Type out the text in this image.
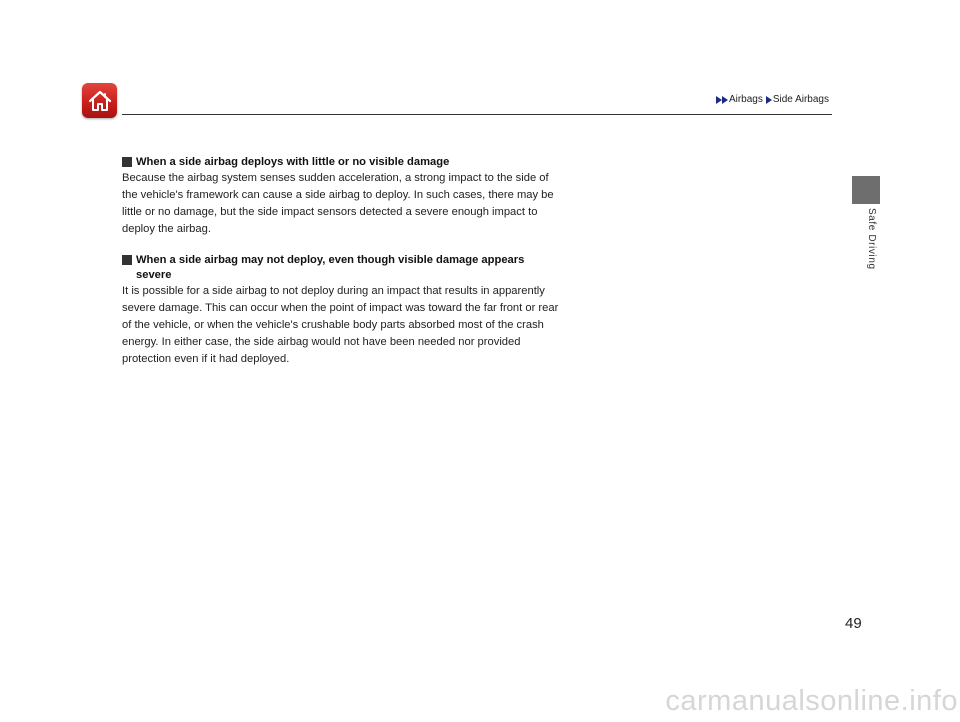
Airbags Side Airbags
Safe Driving
When a side airbag deploys with little or no visible damage

Because the airbag system senses sudden acceleration, a strong impact to the side of the vehicle's framework can cause a side airbag to deploy. In such cases, there may be little or no damage, but the side impact sensors detected a severe enough impact to deploy the airbag.

When a side airbag may not deploy, even though visible damage appears severe

It is possible for a side airbag to not deploy during an impact that results in apparently severe damage. This can occur when the point of impact was toward the far front or rear of the vehicle, or when the vehicle's crushable body parts absorbed most of the crash energy. In either case, the side airbag would not have been needed nor provided protection even if it had deployed.

49
carmanualsonline.info
